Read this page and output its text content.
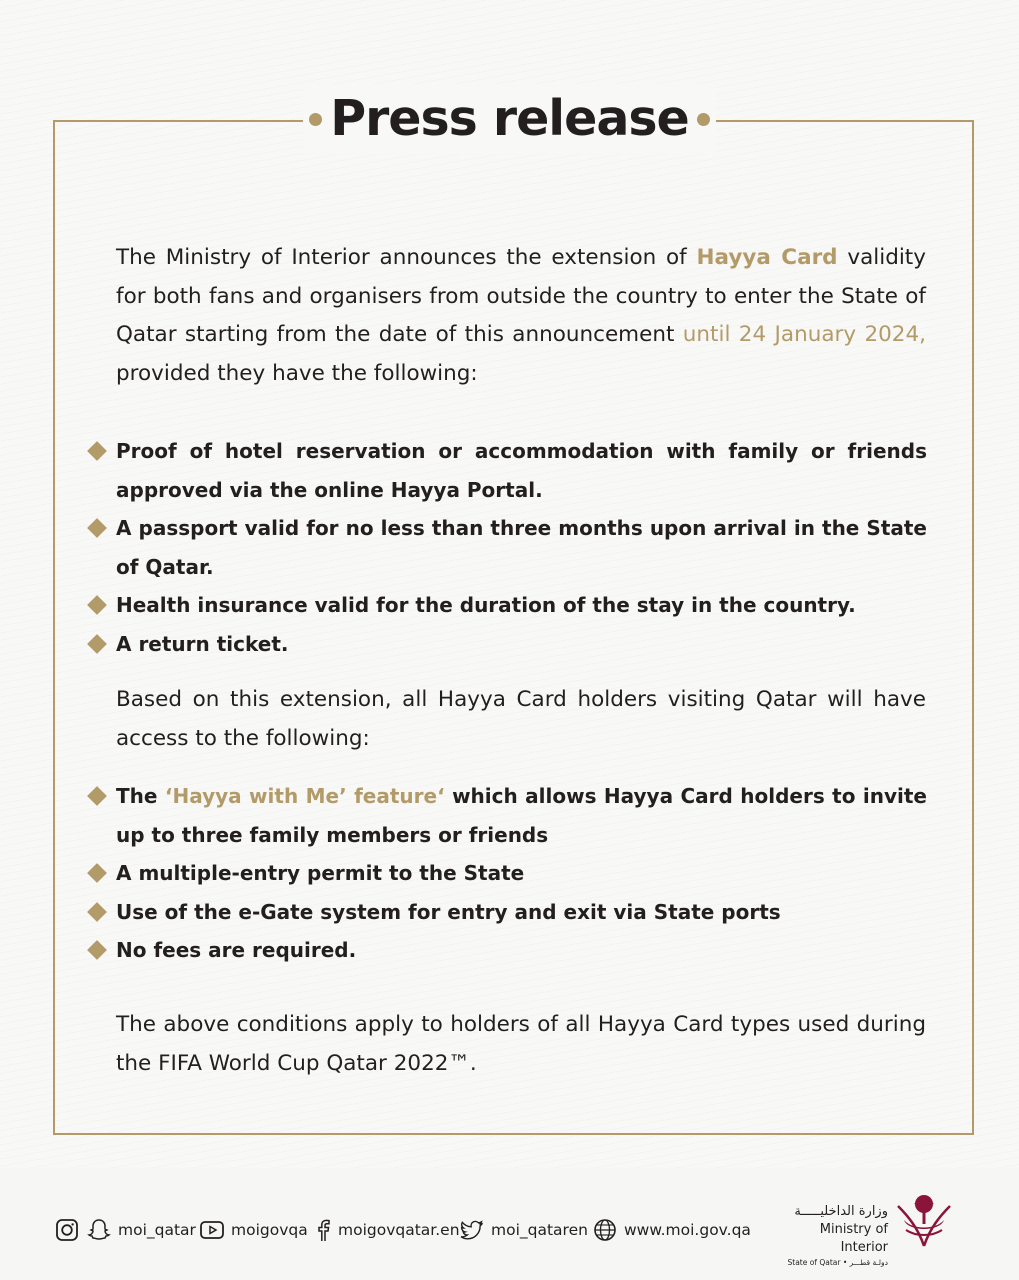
Press release
The Ministry of Interior announces the extension of Hayya Card validity for both fans and organisers from outside the country to enter the State of Qatar starting from the date of this announcement until 24 January 2024, provided they have the following:
Proof of hotel reservation or accommodation with family or friends approved via the online Hayya Portal.
A passport valid for no less than three months upon arrival in the State of Qatar.
Health insurance valid for the duration of the stay in the country.
A return ticket.
Based on this extension, all Hayya Card holders visiting Qatar will have access to the following:
The ‘Hayya with Me’ feature‘ which allows Hayya Card holders to invite up to three family members or friends
A multiple-entry permit to the State
Use of the e-Gate system for entry and exit via State ports
No fees are required.
The above conditions apply to holders of all Hayya Card types used during the FIFA World Cup Qatar 2022™.
moi_qatar moigovqa moigovqatar.en moi_qataren www.moi.gov.qa
وزارة الداخليـــــة
Ministry of Interior
State of Qatar • دولـة قطـــر
